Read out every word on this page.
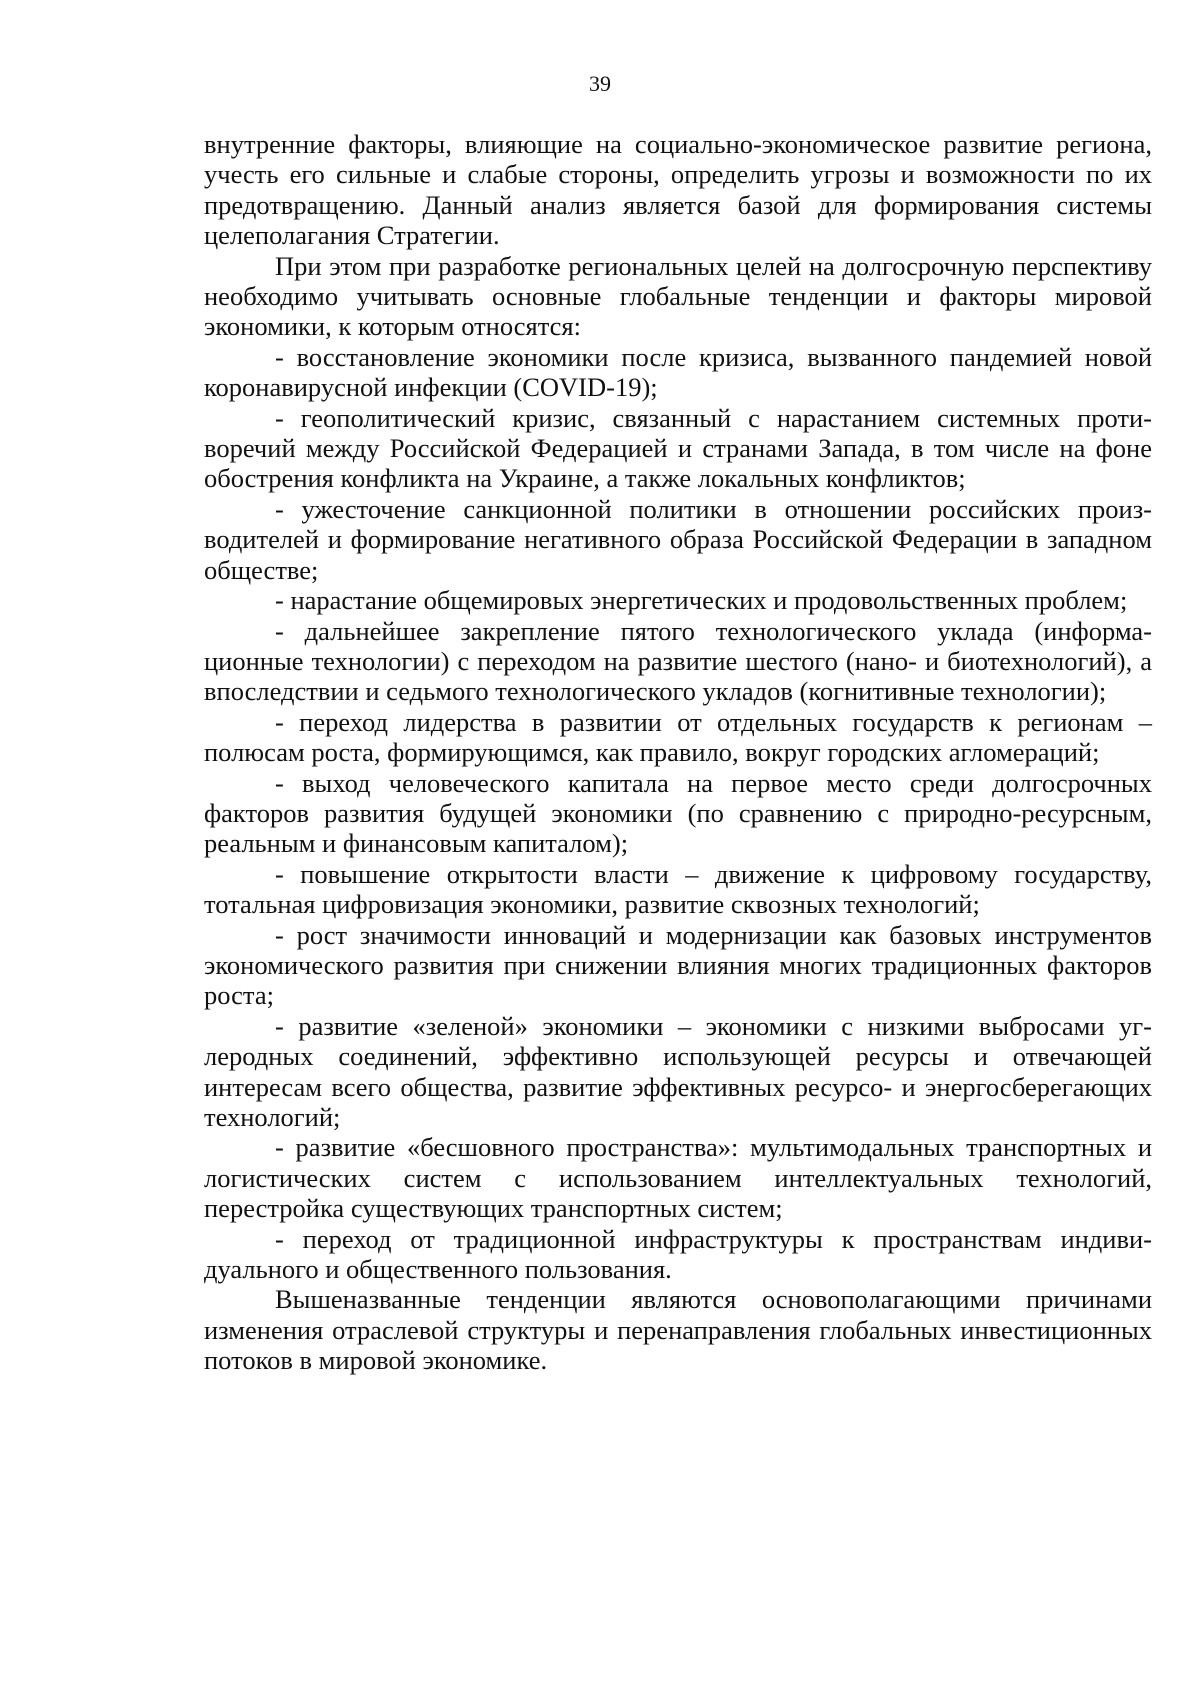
39

внутренние факторы, влияющие на социально-экономическое развитие региона, учесть его сильные и слабые стороны, определить угрозы и возможности по их предотвращению. Данный анализ является базой для формирования системы целеполагания Стратегии.

При этом при разработке региональных целей на долгосрочную перспективу необходимо учитывать основные глобальные тенденции и факторы мировой экономики, к которым относятся:

- восстановление экономики после кризиса, вызванного пандемией новой коронавирусной инфекции (COVID-19);

- геополитический кризис, связанный с нарастанием системных противоречий между Российской Федерацией и странами Запада, в том числе на фоне обострения конфликта на Украине, а также локальных конфликтов;

- ужесточение санкционной политики в отношении российских производителей и формирование негативного образа Российской Федерации в западном обществе;

- нарастание общемировых энергетических и продовольственных проблем;

- дальнейшее закрепление пятого технологического уклада (информационные технологии) с переходом на развитие шестого (нано- и биотехнологий), а впоследствии и седьмого технологического укладов (когнитивные технологии);

- переход лидерства в развитии от отдельных государств к регионам – полюсам роста, формирующимся, как правило, вокруг городских агломераций;

- выход человеческого капитала на первое место среди долгосрочных факторов развития будущей экономики (по сравнению с природно-ресурсным, реальным и финансовым капиталом);

- повышение открытости власти – движение к цифровому государству, тотальная цифровизация экономики, развитие сквозных технологий;

- рост значимости инноваций и модернизации как базовых инструментов экономического развития при снижении влияния многих традиционных факторов роста;

- развитие «зеленой» экономики – экономики с низкими выбросами углеродных соединений, эффективно использующей ресурсы и отвечающей интересам всего общества, развитие эффективных ресурсо- и энергосберегающих технологий;

- развитие «бесшовного пространства»: мультимодальных транспортных и логистических систем с использованием интеллектуальных технологий, перестройка существующих транспортных систем;

- переход от традиционной инфраструктуры к пространствам индивидуального и общественного пользования.

Вышеназванные тенденции являются основополагающими причинами изменения отраслевой структуры и перенаправления глобальных инвестиционных потоков в мировой экономике.
